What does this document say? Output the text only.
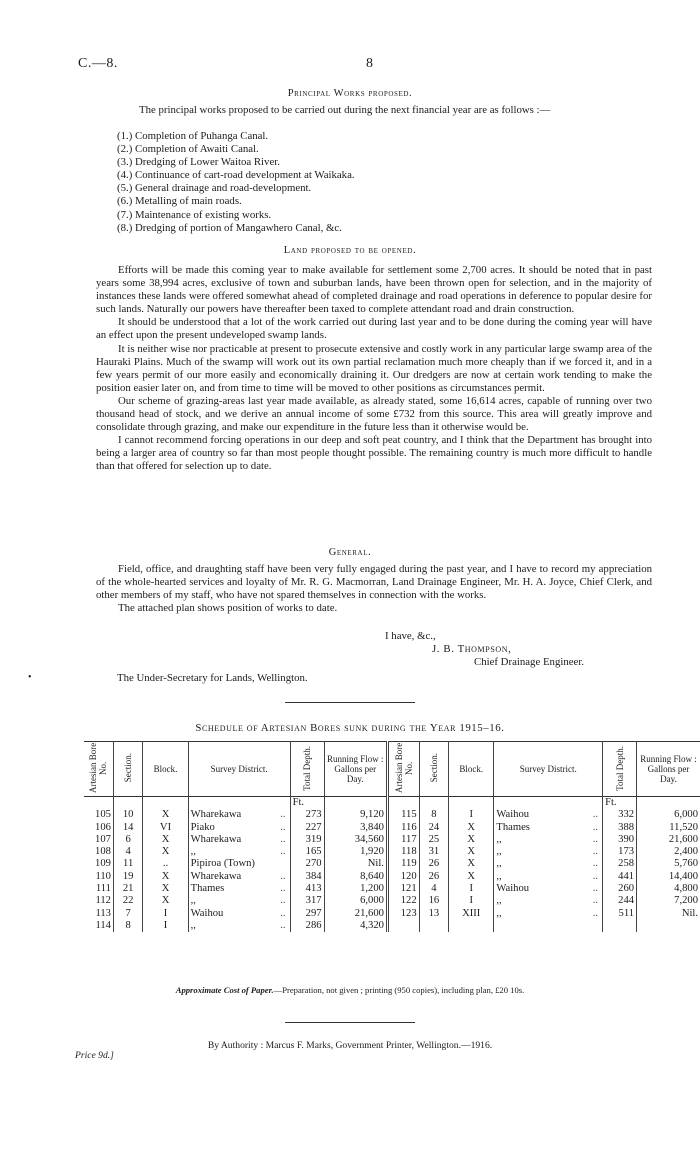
C.—8.	8
Principal Works proposed.

The principal works proposed to be carried out during the next financial year are as follows :—

(1.) Completion of Puhanga Canal.
(2.) Completion of Awaiti Canal.
(3.) Dredging of Lower Waitoa River.
(4.) Continuance of cart-road development at Waikaka.
(5.) General drainage and road-development.
(6.) Metalling of main roads.
(7.) Maintenance of existing works.
(8.) Dredging of portion of Mangawhero Canal, &c.
Land proposed to be opened.

Efforts will be made this coming year to make available for settlement some 2,700 acres. It should be noted that in past years some 38,994 acres, exclusive of town and suburban lands, have been thrown open for selection, and in the majority of instances these lands were offered somewhat ahead of completed drainage and road operations in deference to popular desire for such lands. Naturally our powers have thereafter been taxed to complete attendant road and drain construction.

It should be understood that a lot of the work carried out during last year and to be done during the coming year will have an effect upon the present undeveloped swamp lands.

It is neither wise nor practicable at present to prosecute extensive and costly work in any particular large swamp area of the Hauraki Plains. Much of the swamp will work out its own partial reclamation much more cheaply than if we forced it, and in a few years permit of our more easily and economically draining it. Our dredgers are now at certain work tending to make the position easier later on, and from time to time will be moved to other positions as circumstances permit.

Our scheme of grazing-areas last year made available, as already stated, some 16,614 acres, capable of running over two thousand head of stock, and we derive an annual income of some £732 from this source. This area will greatly improve and consolidate through grazing, and make our expenditure in the future less than it otherwise would be.

I cannot recommend forcing operations in our deep and soft peat country, and I think that the Department has brought into being a larger area of country so far than most people thought possible. The remaining country is much more difficult to handle than that offered for selection up to date.

General.

Field, office, and draughting staff have been very fully engaged during the past year, and I have to record my appreciation of the whole-hearted services and loyalty of Mr. R. G. Macmorran, Land Drainage Engineer, Mr. H. A. Joyce, Chief Clerk, and other members of my staff, who have not spared themselves in connection with the works.

The attached plan shows position of works to date.

I have, &c.,
J. B. Thompson,
Chief Drainage Engineer.
The Under-Secretary for Lands, Wellington.
•
Schedule of Artesian Bores sunk during the Year 1915–16.
Artesian Bore No.	Section.	Block.	Survey District.	Total Depth.	Running Flow : Gallons per Day.	Artesian Bore No.	Section.	Block.	Survey District.	Total Depth.	Running Flow : Gallons per Day.
				Ft.						Ft.	
105	10	X	Wharekawa ..	273	9,120	115	8	I	Waihou ..	332	6,000
106	14	VI	Piako ..	227	3,840	116	24	X	Thames ..	388	11,520
107	6	X	Wharekawa ..	319	34,560	117	25	X	,, ..	390	21,600
108	4	X	,, ..	165	1,920	118	31	X	,, ..	173	2,400
109	11	..	Pipiroa (Town)	270	Nil.	119	26	X	,, ..	258	5,760
110	19	X	Wharekawa ..	384	8,640	120	26	X	,, ..	441	14,400
111	21	X	Thames ..	413	1,200	121	4	I	Waihou ..	260	4,800
112	22	X	,, ..	317	6,000	122	16	I	,, ..	244	7,200
113	7	I	Waihou ..	297	21,600	123	13	XIII	,, ..	511	Nil.
114	8	I	,, ..	286	4,320				

Approximate Cost of Paper.—Preparation, not given ; printing (950 copies), including plan, £20 10s.
Price 9d.]
By Authority : Marcus F. Marks, Government Printer, Wellington.—1916.
